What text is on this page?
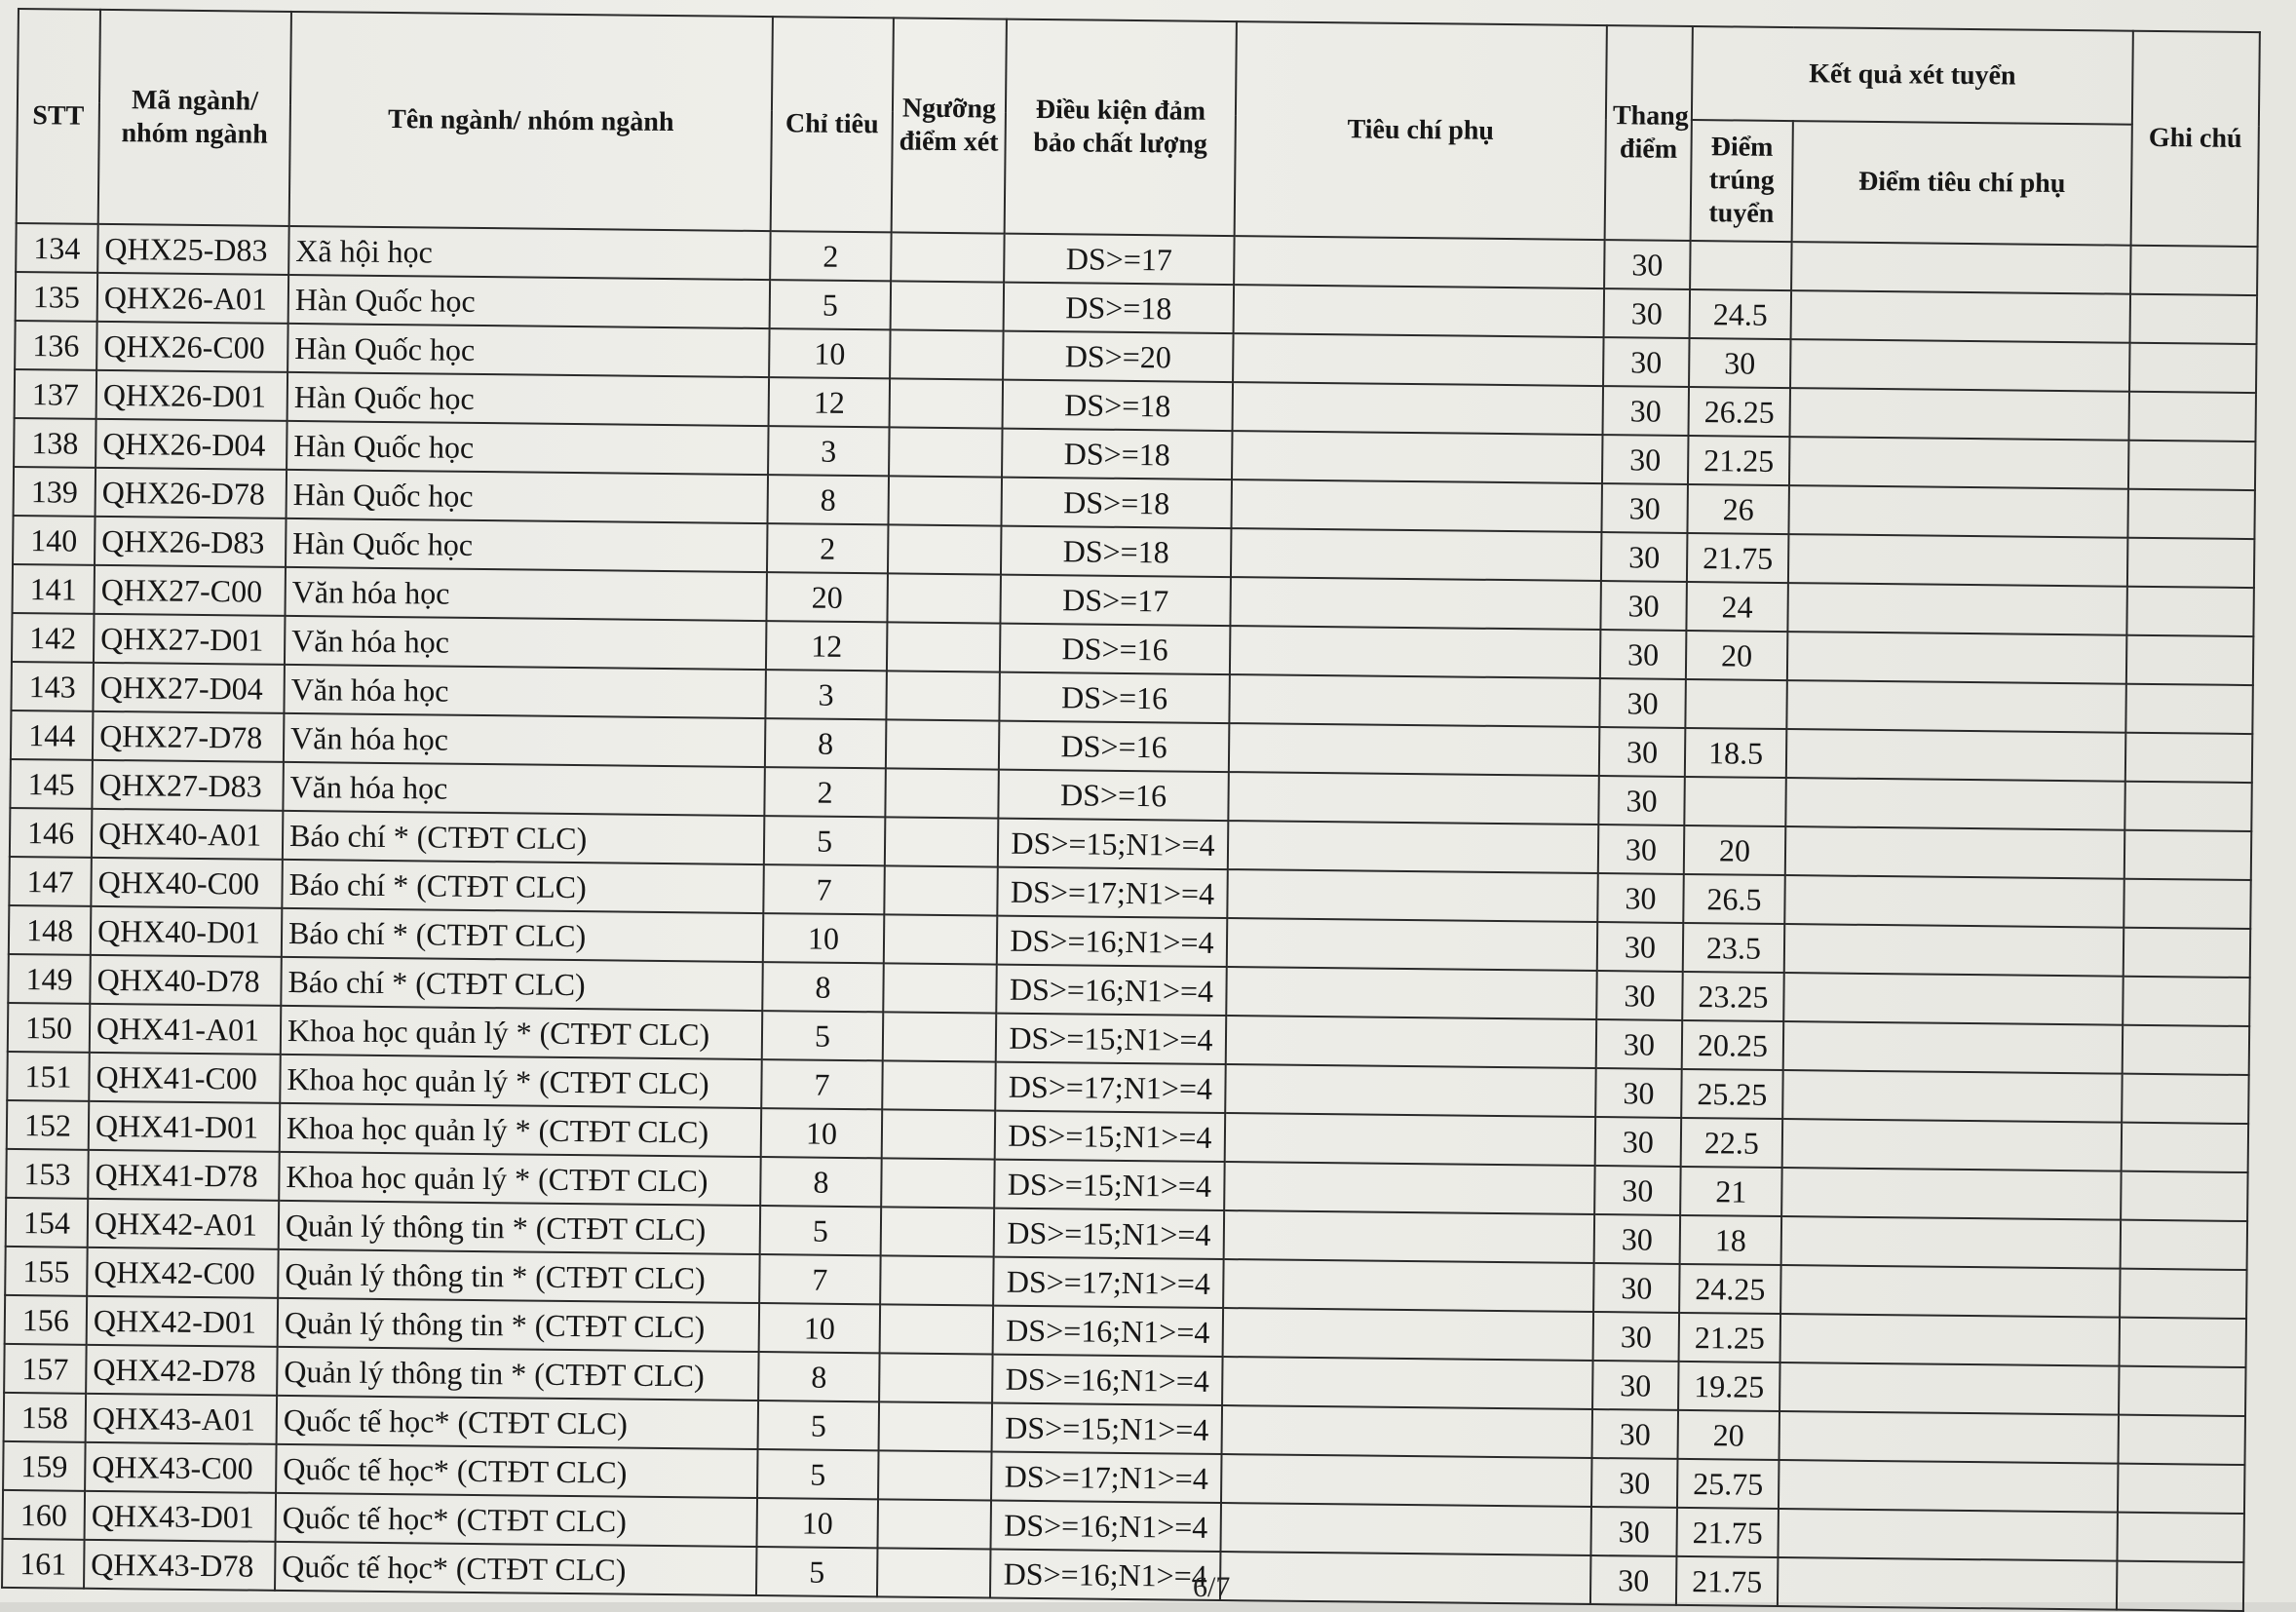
STT	Mã ngành/ nhóm ngành	Tên ngành/ nhóm ngành	Chỉ tiêu	Ngưỡng điểm xét	Điều kiện đảm bảo chất lượng	Tiêu chí phụ	Thang điểm	Kết quả xét tuyển		Ghi chú
								Điểm trúng tuyển	Điểm tiêu chí phụ	
134	QHX25-D83	Xã hội học	2		DS>=17		30			
135	QHX26-A01	Hàn Quốc học	5		DS>=18		30	24.5		
136	QHX26-C00	Hàn Quốc học	10		DS>=20		30	30		
137	QHX26-D01	Hàn Quốc học	12		DS>=18		30	26.25		
138	QHX26-D04	Hàn Quốc học	3		DS>=18		30	21.25		
139	QHX26-D78	Hàn Quốc học	8		DS>=18		30	26		
140	QHX26-D83	Hàn Quốc học	2		DS>=18		30	21.75		
141	QHX27-C00	Văn hóa học	20		DS>=17		30	24		
142	QHX27-D01	Văn hóa học	12		DS>=16		30	20		
143	QHX27-D04	Văn hóa học	3		DS>=16		30			
144	QHX27-D78	Văn hóa học	8		DS>=16		30	18.5		
145	QHX27-D83	Văn hóa học	2		DS>=16		30			
146	QHX40-A01	Báo chí * (CTĐT CLC)	5		DS>=15;N1>=4		30	20		
147	QHX40-C00	Báo chí * (CTĐT CLC)	7		DS>=17;N1>=4		30	26.5		
148	QHX40-D01	Báo chí * (CTĐT CLC)	10		DS>=16;N1>=4		30	23.5		
149	QHX40-D78	Báo chí * (CTĐT CLC)	8		DS>=16;N1>=4		30	23.25		
150	QHX41-A01	Khoa học quản lý * (CTĐT CLC)	5		DS>=15;N1>=4		30	20.25		
151	QHX41-C00	Khoa học quản lý * (CTĐT CLC)	7		DS>=17;N1>=4		30	25.25		
152	QHX41-D01	Khoa học quản lý * (CTĐT CLC)	10		DS>=15;N1>=4		30	22.5		
153	QHX41-D78	Khoa học quản lý * (CTĐT CLC)	8		DS>=15;N1>=4		30	21		
154	QHX42-A01	Quản lý thông tin * (CTĐT CLC)	5		DS>=15;N1>=4		30	18		
155	QHX42-C00	Quản lý thông tin * (CTĐT CLC)	7		DS>=17;N1>=4		30	24.25		
156	QHX42-D01	Quản lý thông tin * (CTĐT CLC)	10		DS>=16;N1>=4		30	21.25		
157	QHX42-D78	Quản lý thông tin * (CTĐT CLC)	8		DS>=16;N1>=4		30	19.25		
158	QHX43-A01	Quốc tế học* (CTĐT CLC)	5		DS>=15;N1>=4		30	20		
159	QHX43-C00	Quốc tế học* (CTĐT CLC)	5		DS>=17;N1>=4		30	25.75		
160	QHX43-D01	Quốc tế học* (CTĐT CLC)	10		DS>=16;N1>=4		30	21.75		
161	QHX43-D78	Quốc tế học* (CTĐT CLC)	5		DS>=16;N1>=4		30	21.75		
6/7
